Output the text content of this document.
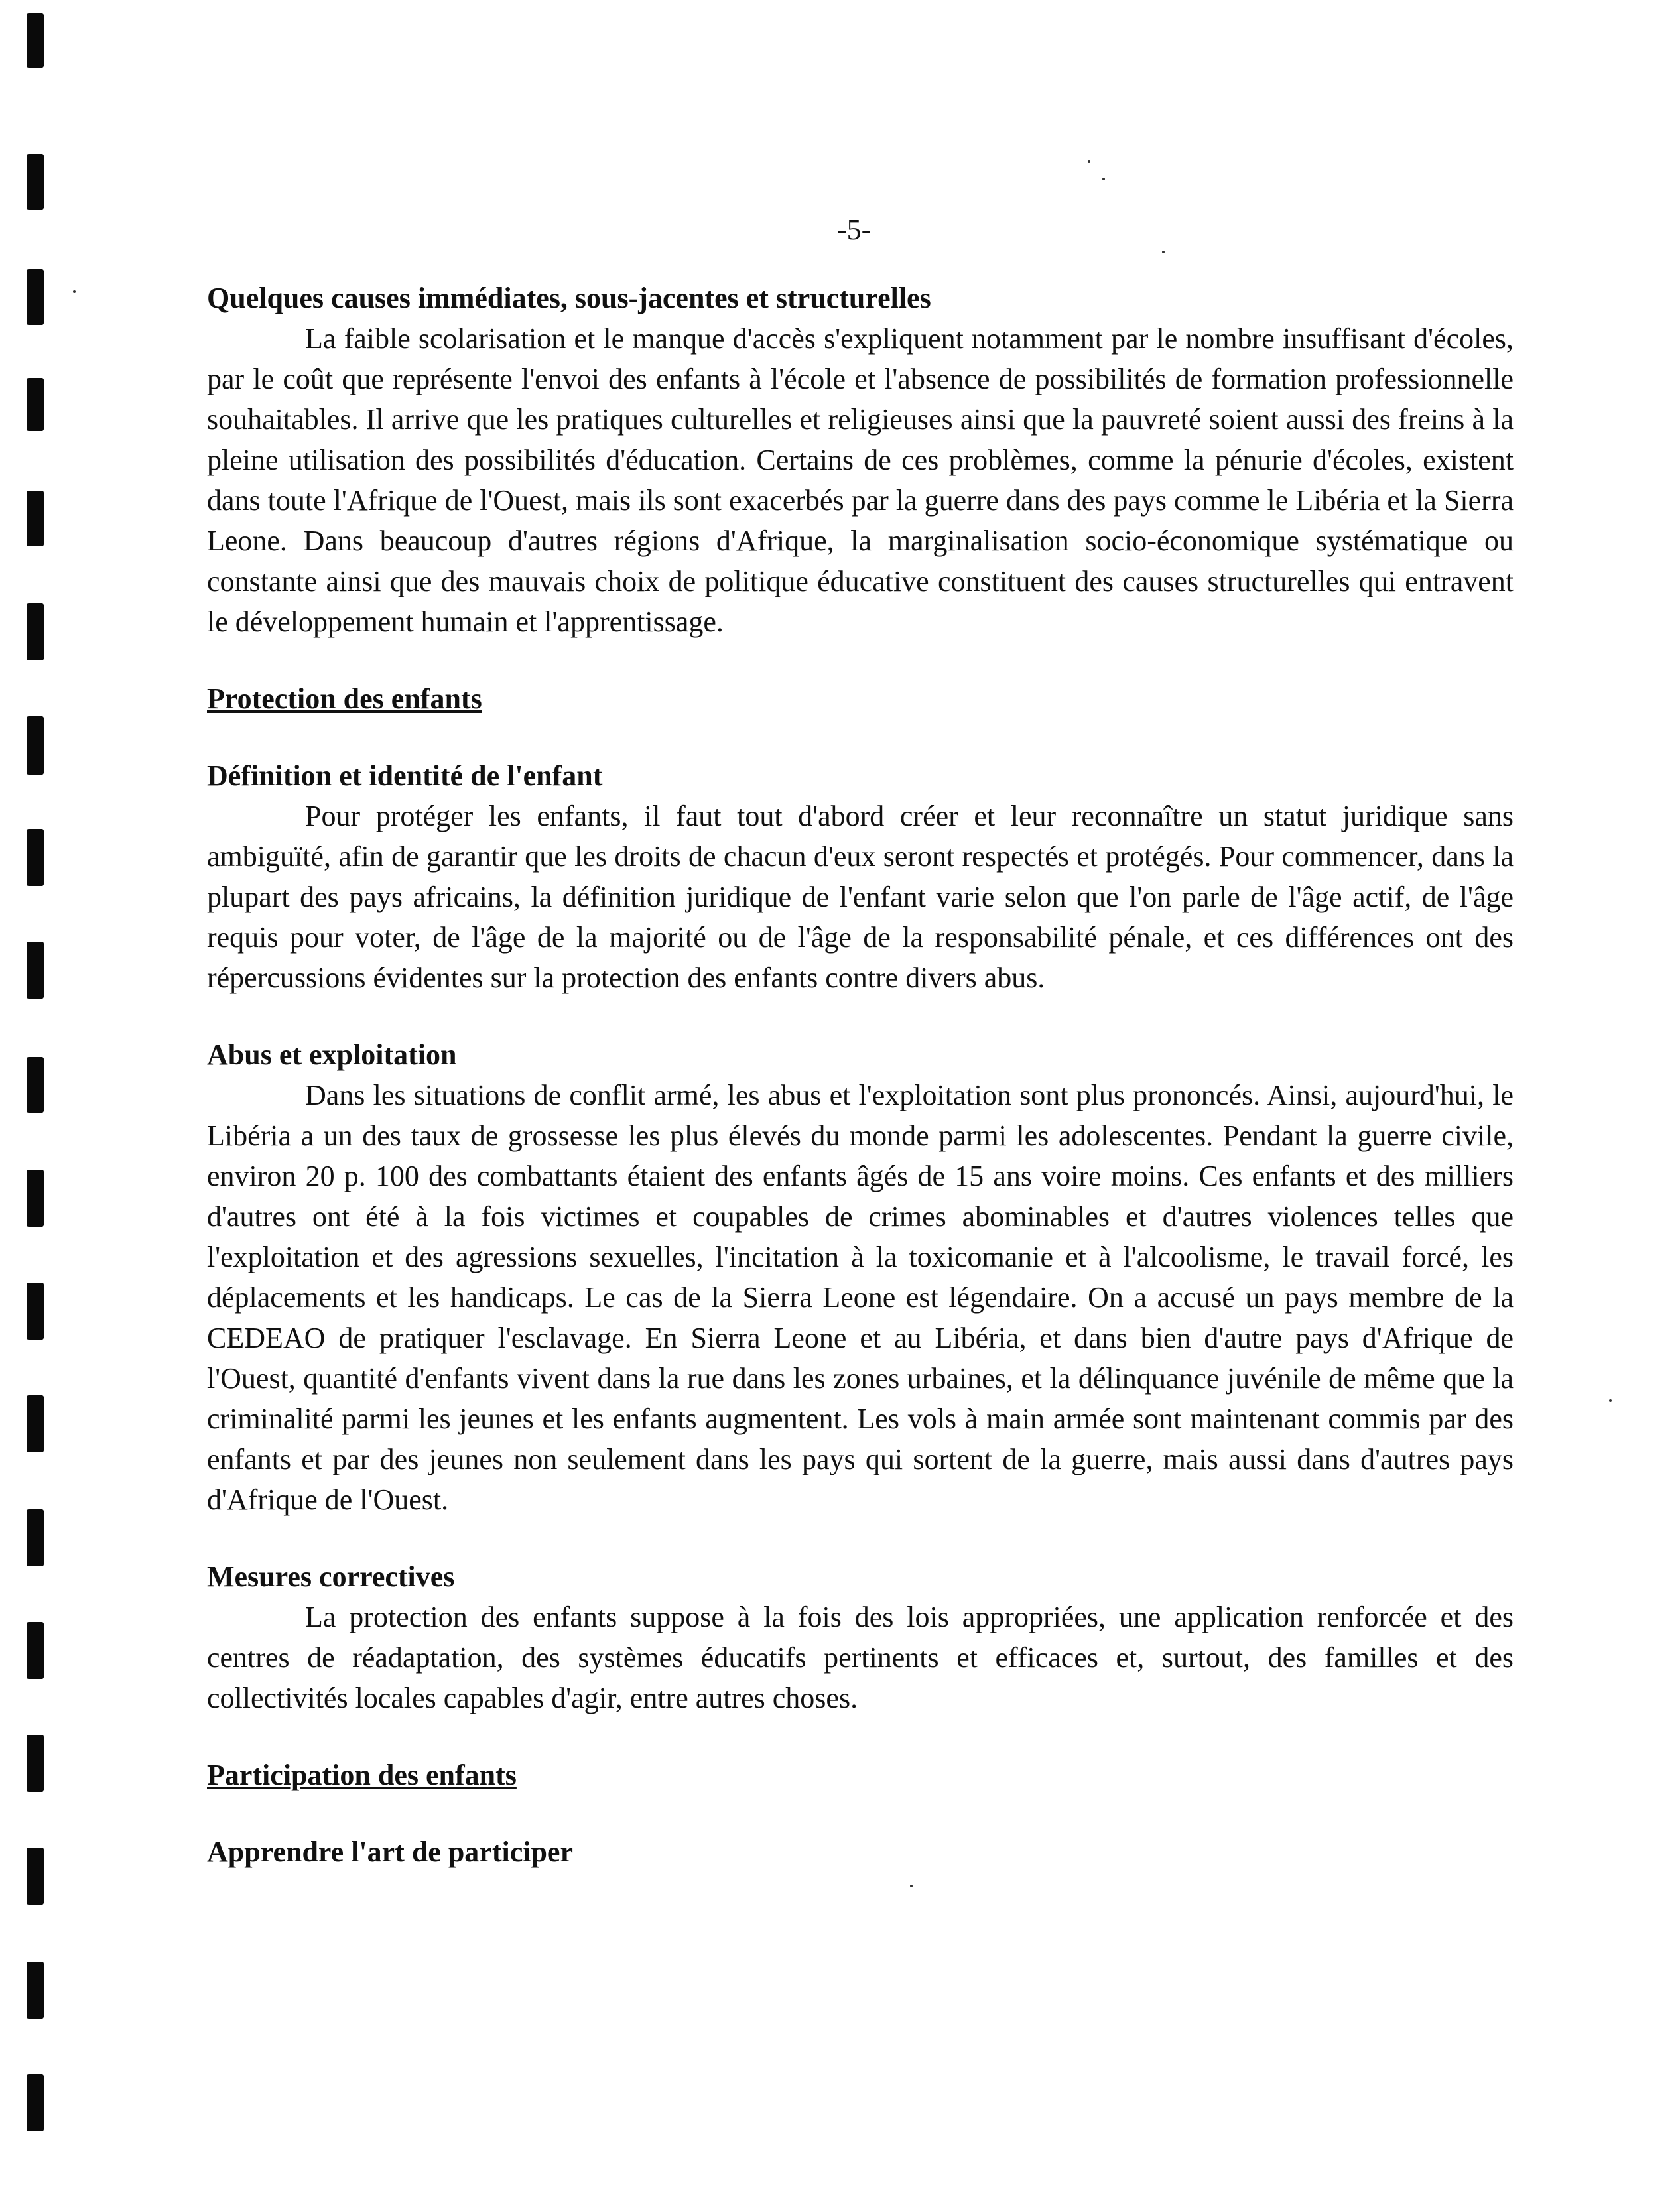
-5-

Quelques causes immédiates, sous-jacentes et structurelles

La faible scolarisation et le manque d'accès s'expliquent notamment par le nombre insuffisant d'écoles, par le coût que représente l'envoi des enfants à l'école et l'absence de possibilités de formation professionnelle souhaitables. Il arrive que les pratiques culturelles et religieuses ainsi que la pauvreté soient aussi des freins à la pleine utilisation des possibilités d'éducation. Certains de ces problèmes, comme la pénurie d'écoles, existent dans toute l'Afrique de l'Ouest, mais ils sont exacerbés par la guerre dans des pays comme le Libéria et la Sierra Leone. Dans beaucoup d'autres régions d'Afrique, la marginalisation socio-économique systématique ou constante ainsi que des mauvais choix de politique éducative constituent des causes structurelles qui entravent le développement humain et l'apprentissage.

Protection des enfants

Définition et identité de l'enfant

Pour protéger les enfants, il faut tout d'abord créer et leur reconnaître un statut juridique sans ambiguïté, afin de garantir que les droits de chacun d'eux seront respectés et protégés. Pour commencer, dans la plupart des pays africains, la définition juridique de l'enfant varie selon que l'on parle de l'âge actif, de l'âge requis pour voter, de l'âge de la majorité ou de l'âge de la responsabilité pénale, et ces différences ont des répercussions évidentes sur la protection des enfants contre divers abus.

Abus et exploitation

Dans les situations de conflit armé, les abus et l'exploitation sont plus prononcés. Ainsi, aujourd'hui, le Libéria a un des taux de grossesse les plus élevés du monde parmi les adolescentes. Pendant la guerre civile, environ 20 p. 100 des combattants étaient des enfants âgés de 15 ans voire moins. Ces enfants et des milliers d'autres ont été à la fois victimes et coupables de crimes abominables et d'autres violences telles que l'exploitation et des agressions sexuelles, l'incitation à la toxicomanie et à l'alcoolisme, le travail forcé, les déplacements et les handicaps. Le cas de la Sierra Leone est légendaire. On a accusé un pays membre de la CEDEAO de pratiquer l'esclavage. En Sierra Leone et au Libéria, et dans bien d'autre pays d'Afrique de l'Ouest, quantité d'enfants vivent dans la rue dans les zones urbaines, et la délinquance juvénile de même que la criminalité parmi les jeunes et les enfants augmentent. Les vols à main armée sont maintenant commis par des enfants et par des jeunes non seulement dans les pays qui sortent de la guerre, mais aussi dans d'autres pays d'Afrique de l'Ouest.

Mesures correctives

La protection des enfants suppose à la fois des lois appropriées, une application renforcée et des centres de réadaptation, des systèmes éducatifs pertinents et efficaces et, surtout, des familles et des collectivités locales capables d'agir, entre autres choses.

Participation des enfants

Apprendre l'art de participer
